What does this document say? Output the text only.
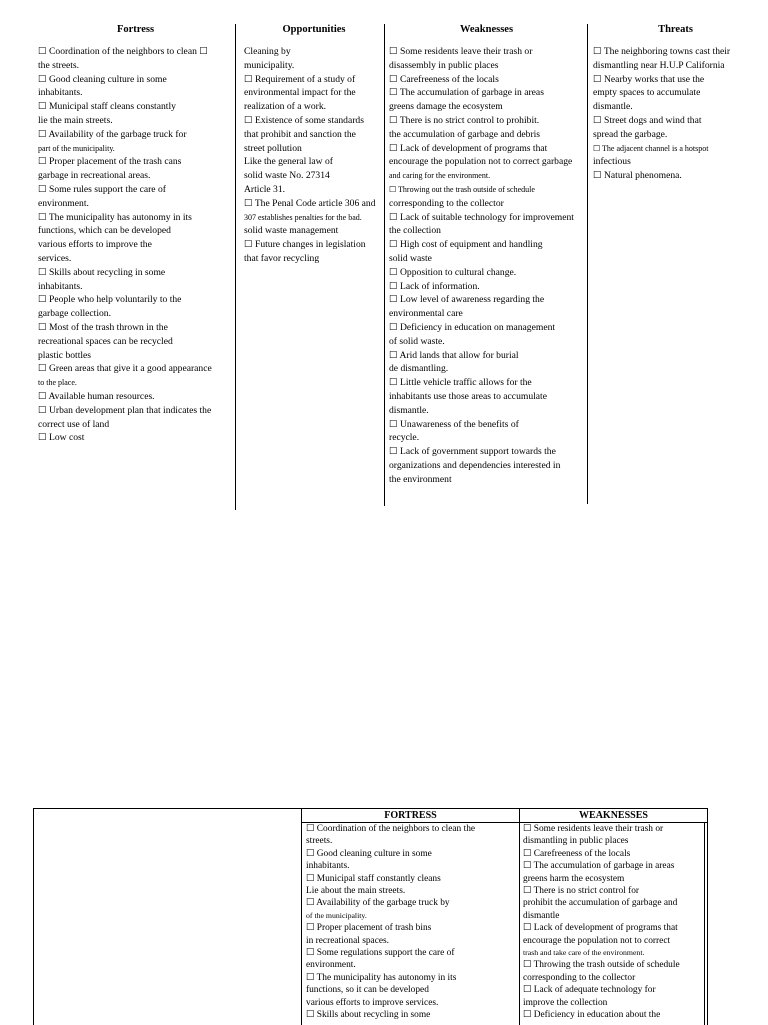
Fortress
☐ Coordination of the neighbors to clean ☐
the streets.
☐ Good cleaning culture in some
inhabitants.
☐ Municipal staff cleans constantly
lie the main streets.
☐ Availability of the garbage truck for
part of the municipality.
☐ Proper placement of the trash cans
garbage in recreational areas.
☐ Some rules support the care of
environment.
☐ The municipality has autonomy in its
functions, which can be developed
various efforts to improve the
services.
☐ Skills about recycling in some
inhabitants.
☐ People who help voluntarily to the
garbage collection.
☐ Most of the trash thrown in the
recreational spaces can be recycled
plastic bottles
☐ Green areas that give it a good appearance
to the place.
☐ Available human resources.
☐ Urban development plan that indicates the
correct use of land
☐ Low cost
Opportunities
Cleaning by
municipality.
☐ Requirement of a study of
environmental impact for the
realization of a work.
☐ Existence of some standards
that prohibit and sanction the
street pollution
Like the general law of
solid waste No. 27314
Article 31.
☐ The Penal Code article 306 and
307 establishes penalties for the bad.
solid waste management
☐ Future changes in legislation
that favor recycling
Weaknesses
☐ Some residents leave their trash or
disassembly in public places
☐ Carefreeness of the locals
☐ The accumulation of garbage in areas
greens damage the ecosystem
☐ There is no strict control to prohibit.
the accumulation of garbage and debris
☐ Lack of development of programs that
encourage the population not to correct garbage
and caring for the environment.
☐ Throwing out the trash outside of schedule
corresponding to the collector
☐ Lack of suitable technology for improvement
the collection
☐ High cost of equipment and handling
solid waste
☐ Opposition to cultural change.
☐ Lack of information.
☐ Low level of awareness regarding the
environmental care
☐ Deficiency in education on management
of solid waste.
☐ Arid lands that allow for burial
de dismantling.
☐ Little vehicle traffic allows for the
inhabitants use those areas to accumulate
dismantle.
☐ Unawareness of the benefits of
recycle.
☐ Lack of government support towards the
organizations and dependencies interested in
the environment
Threats
☐ The neighboring towns cast their
dismantling near H.U.P California
☐ Nearby works that use the
empty spaces to accumulate
dismantle.
☐ Street dogs and wind that
spread the garbage.
☐ The adjacent channel is a hotspot
infectious
☐ Natural phenomena.
FORTRESS	WEAKNESSES
☐ Coordination of the neighbors to clean the
streets.
☐ Good cleaning culture in some
inhabitants.
☐ Municipal staff constantly cleans
Lie about the main streets.
☐ Availability of the garbage truck by
of the municipality.
☐ Proper placement of trash bins
in recreational spaces.
☐ Some regulations support the care of
environment.
☐ The municipality has autonomy in its
functions, so it can be developed
various efforts to improve services.
☐ Skills about recycling in some
☐ Some residents leave their trash or
dismantling in public places
☐ Carefreeness of the locals
☐ The accumulation of garbage in areas
greens harm the ecosystem
☐ There is no strict control for
prohibit the accumulation of garbage and
dismantle
☐ Lack of development of programs that
encourage the population not to correct
trash and take care of the environment.
☐ Throwing the trash outside of schedule
corresponding to the collector
☐ Lack of adequate technology for
improve the collection
☐ Deficiency in education about the
